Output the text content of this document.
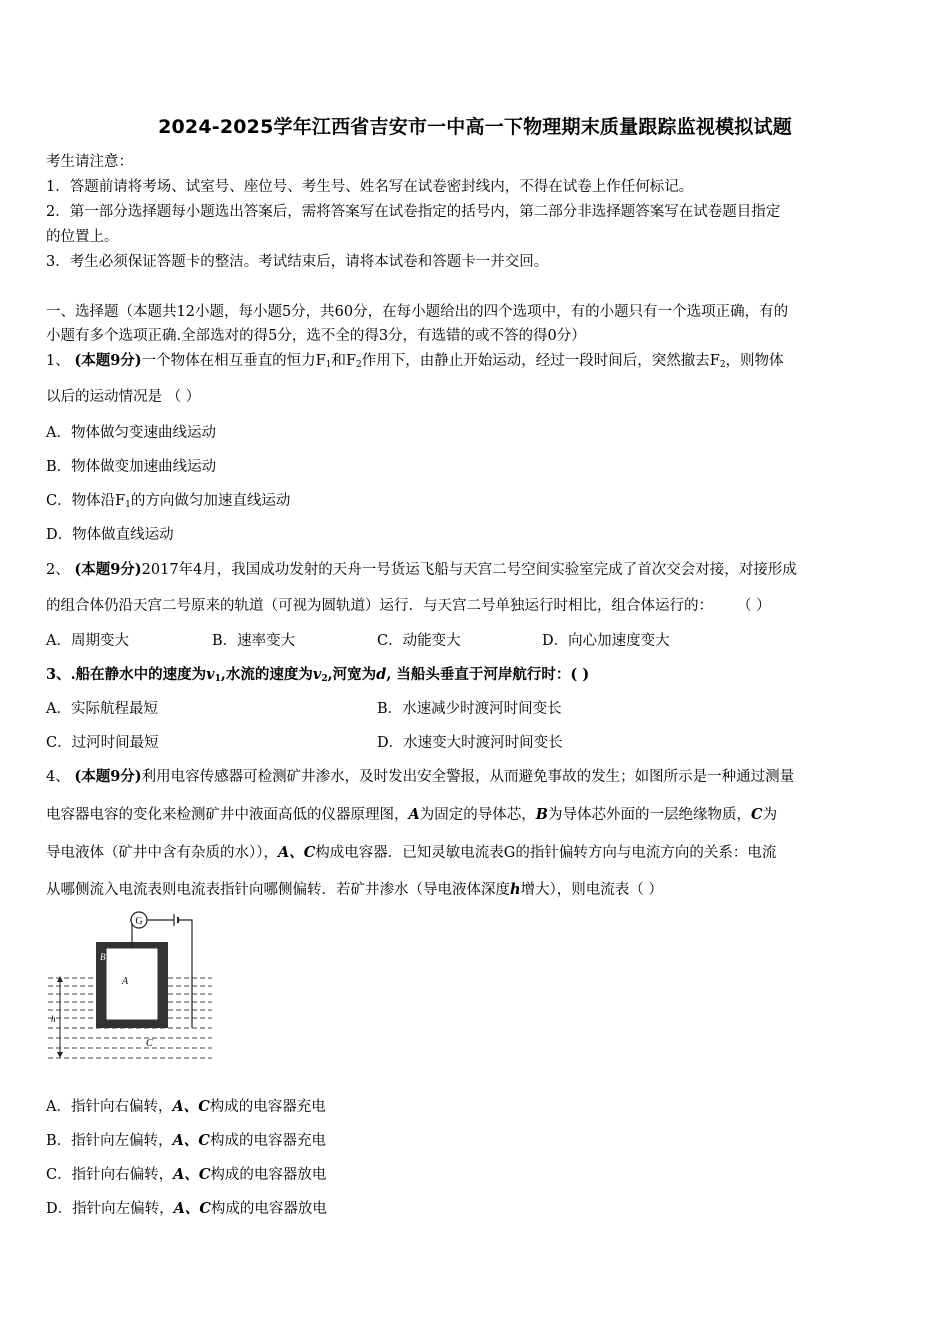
2024-2025学年江西省吉安市一中高一下物理期末质量跟踪监视模拟试题
考生请注意：
1．答题前请将考场、试室号、座位号、考生号、姓名写在试卷密封线内，不得在试卷上作任何标记。
2．第一部分选择题每小题选出答案后，需将答案写在试卷指定的括号内，第二部分非选择题答案写在试卷题目指定
的位置上。
3．考生必须保证答题卡的整洁。考试结束后，请将本试卷和答题卡一并交回。
一、选择题（本题共12小题，每小题5分，共60分，在每小题给出的四个选项中，有的小题只有一个选项正确，有的
小题有多个选项正确.全部选对的得5分，选不全的得3分，有选错的或不答的得0分）
1、 (本题9分)一个物体在相互垂直的恒力$F_1$和$F_2$作用下，由静止开始运动，经过一段时间后，突然撤去$F_2$，则物体
以后的运动情况是 （ ）
A．物体做匀变速曲线运动
B．物体做变加速曲线运动
C．物体沿$F_1$的方向做匀加速直线运动
D．物体做直线运动
2、 (本题9分)2017年4月，我国成功发射的天舟一号货运飞船与天宫二号空间实验室完成了首次交会对接，对接形成
的组合体仍沿天宫二号原来的轨道（可视为圆轨道）运行．与天宫二号单独运行时相比，组合体运行的： （ ）
A．周期变大	B．速率变大	C．动能变大	D．向心加速度变大
3、.船在静水中的速度为$v_1$,水流的速度为$v_2$,河宽为d, 当船头垂直于河岸航行时：( )
A．实际航程最短	B．水速减少时渡河时间变长
C．过河时间最短	D．水速变大时渡河时间变长
4、 (本题9分)利用电容传感器可检测矿井渗水，及时发出安全警报，从而避免事故的发生；如图所示是一种通过测量
电容器电容的变化来检测矿井中液面高低的仪器原理图，A为固定的导体芯，B为导体芯外面的一层绝缘物质，C为
导电液体（矿井中含有杂质的水）），A、C构成电容器．已知灵敏电流表G的指针偏转方向与电流方向的关系：电流
从哪侧流入电流表则电流表指针向哪侧偏转．若矿井渗水（导电液体深度h增大），则电流表（ ）
G
A
B
C
h
A．指针向右偏转，A、C构成的电容器充电
B．指针向左偏转，A、C构成的电容器充电
C．指针向右偏转，A、C构成的电容器放电
D．指针向左偏转，A、C构成的电容器放电
